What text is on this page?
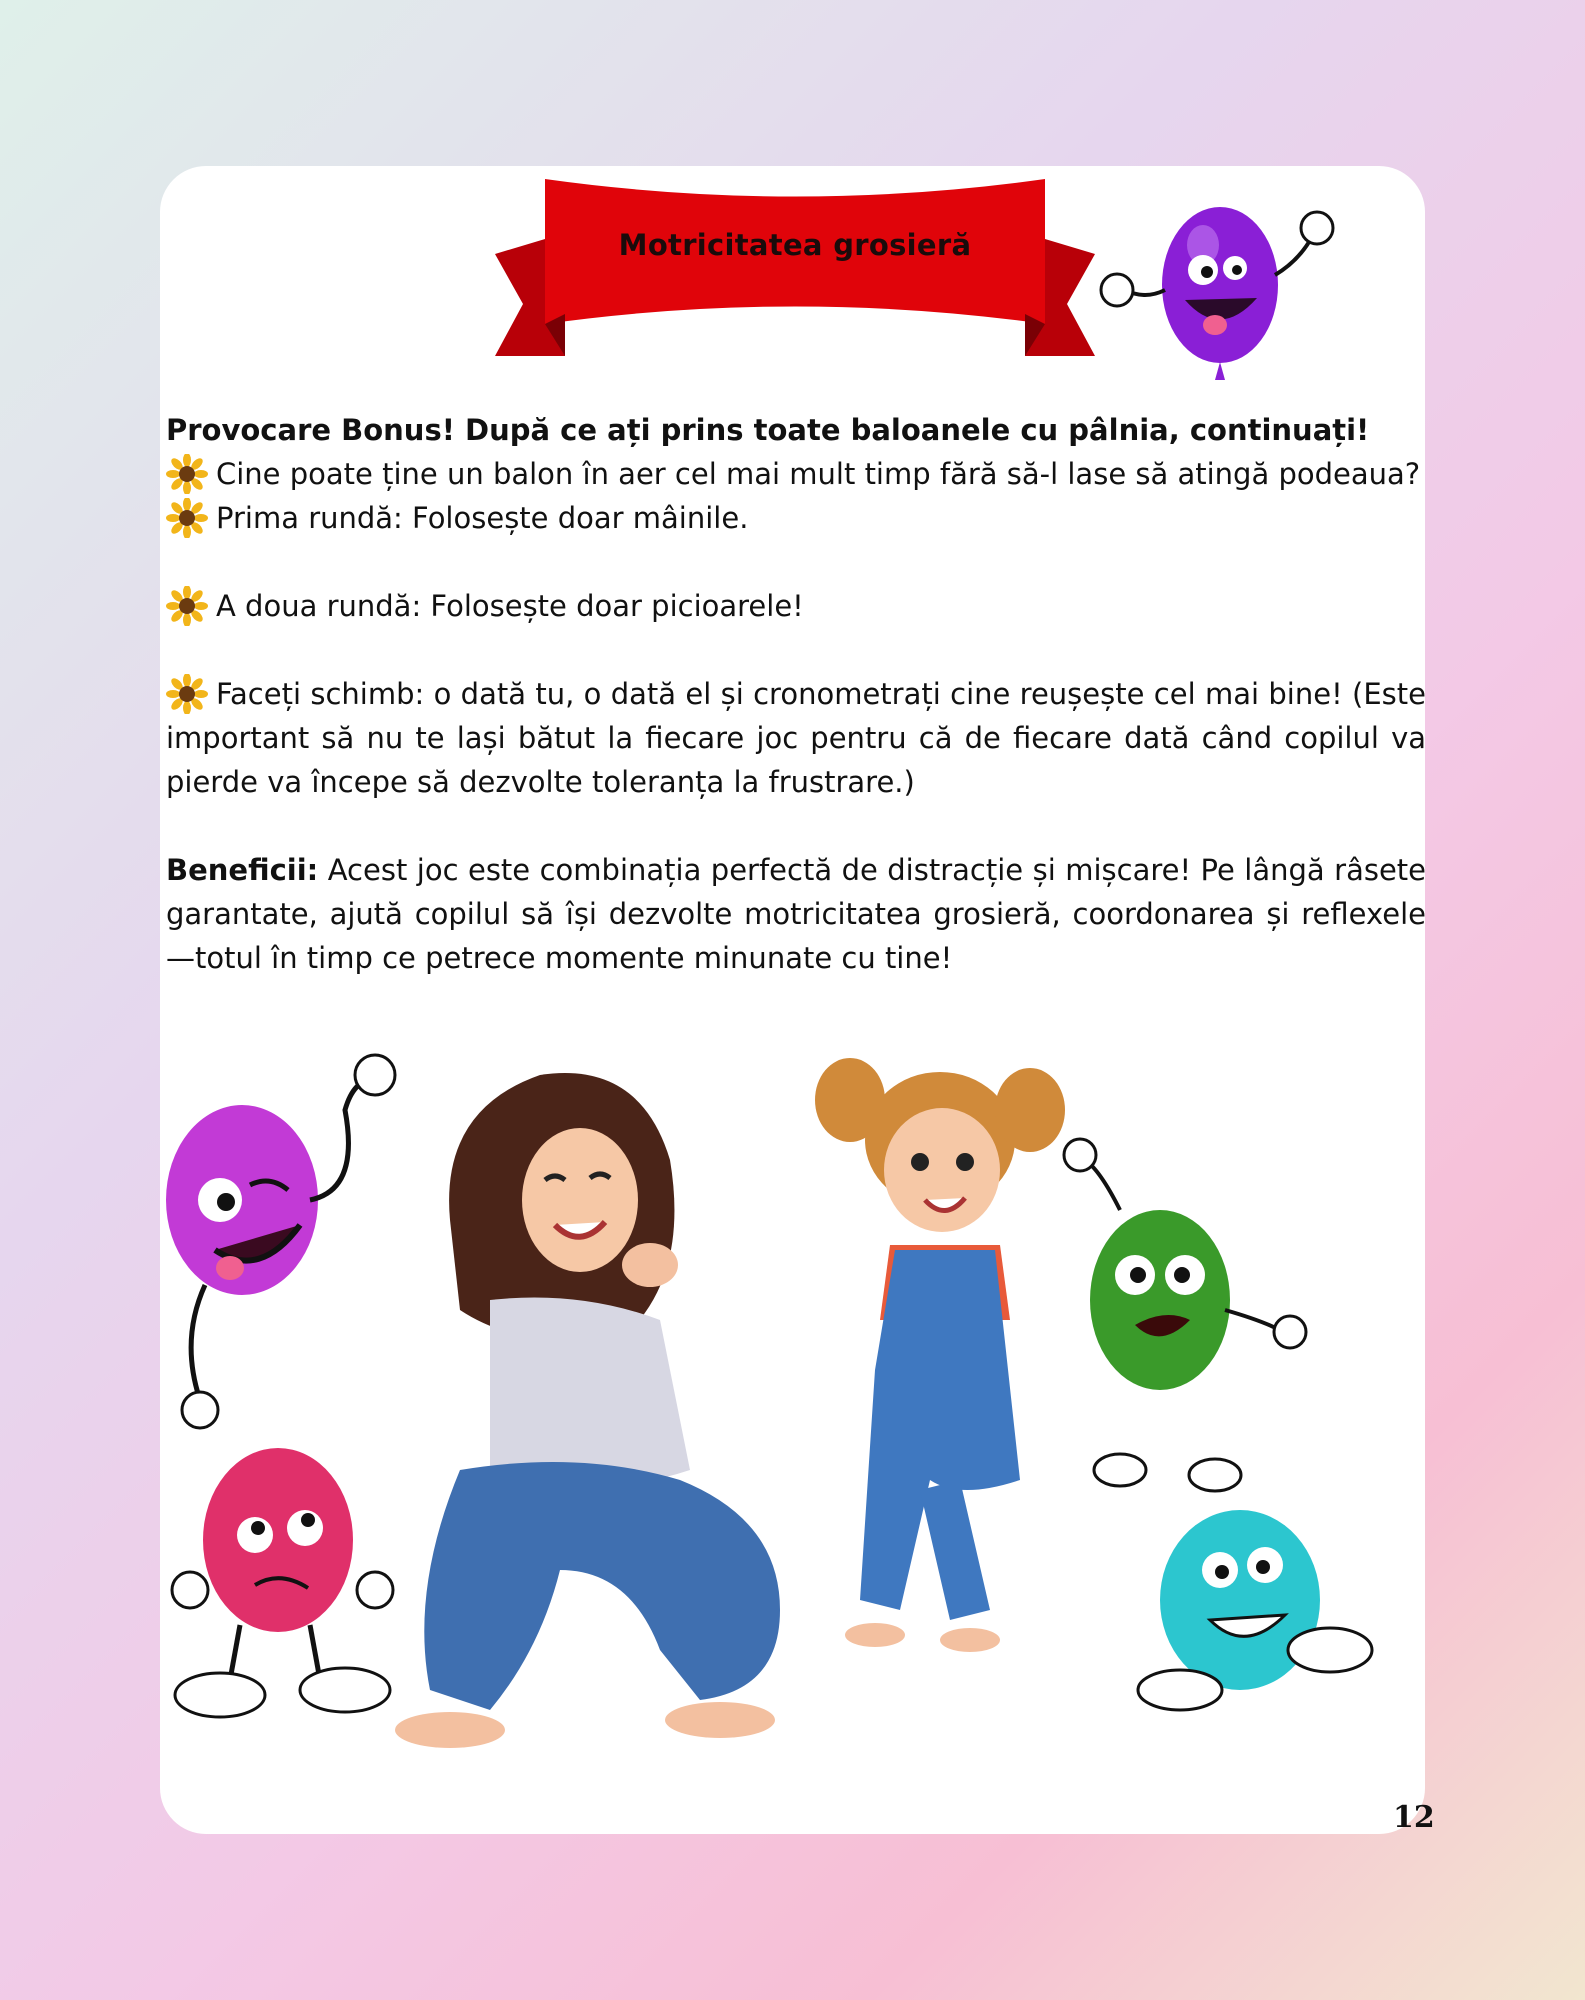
Motricitatea grosieră

Provocare Bonus! După ce ați prins toate baloanele cu pâlnia, continuați!

Cine poate ține un balon în aer cel mai mult timp fără să-l lase să atingă podeaua?

Prima rundă: Folosește doar mâinile.

A doua rundă: Folosește doar picioarele!

Faceți schimb: o dată tu, o dată el și cronometrați cine reușește cel mai bine! (Este important să nu te lași bătut la fiecare joc pentru că de fiecare dată când copilul va pierde va începe să dezvolte toleranța la frustrare.)

Beneficii: Acest joc este combinația perfectă de distracție și mișcare! Pe lângă râsete garantate, ajută copilul să își dezvolte motricitatea grosieră, coordonarea și reflexele—totul în timp ce petrece momente minunate cu tine!

12
